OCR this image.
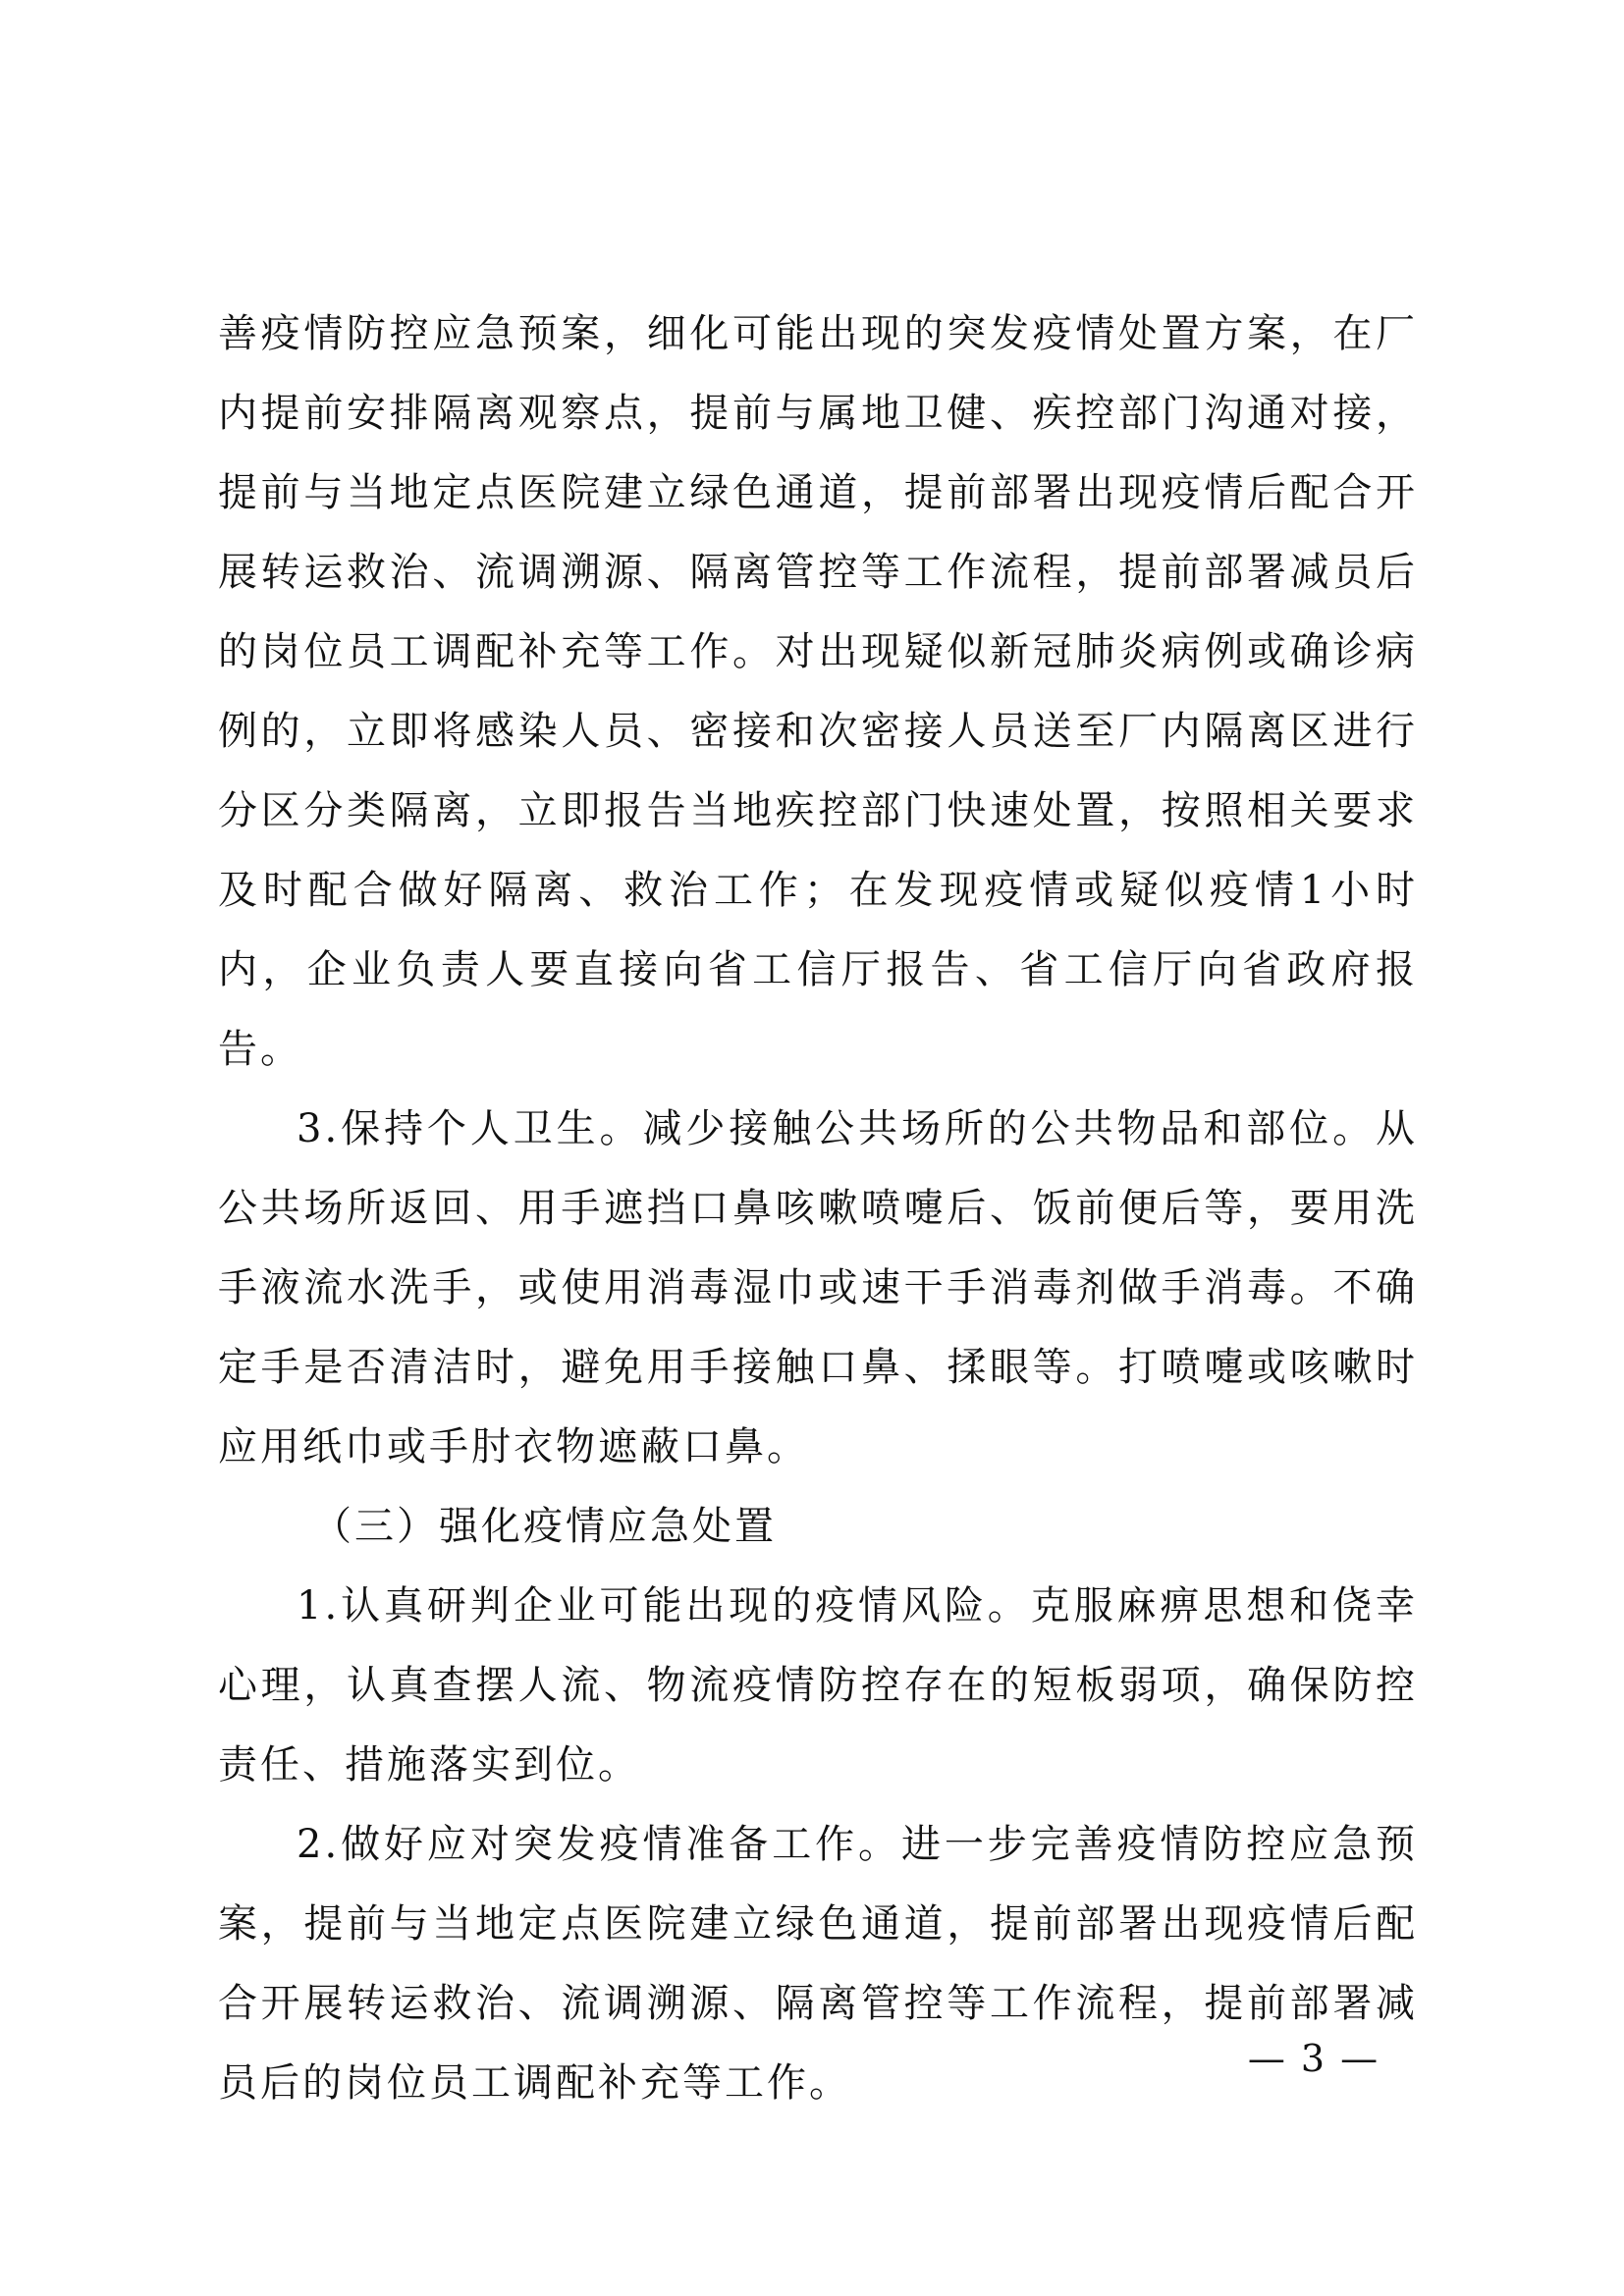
善疫情防控应急预案，细化可能出现的突发疫情处置方案，在厂内提前安排隔离观察点，提前与属地卫健、疾控部门沟通对接，提前与当地定点医院建立绿色通道，提前部署出现疫情后配合开展转运救治、流调溯源、隔离管控等工作流程，提前部署减员后的岗位员工调配补充等工作。对出现疑似新冠肺炎病例或确诊病例的，立即将感染人员、密接和次密接人员送至厂内隔离区进行分区分类隔离，立即报告当地疾控部门快速处置，按照相关要求及时配合做好隔离、救治工作；在发现疫情或疑似疫情1小时内，企业负责人要直接向省工信厅报告、省工信厅向省政府报告。

3.保持个人卫生。减少接触公共场所的公共物品和部位。从公共场所返回、用手遮挡口鼻咳嗽喷嚏后、饭前便后等，要用洗手液流水洗手，或使用消毒湿巾或速干手消毒剂做手消毒。不确定手是否清洁时，避免用手接触口鼻、揉眼等。打喷嚏或咳嗽时应用纸巾或手肘衣物遮蔽口鼻。

（三）强化疫情应急处置

1.认真研判企业可能出现的疫情风险。克服麻痹思想和侥幸心理，认真查摆人流、物流疫情防控存在的短板弱项，确保防控责任、措施落实到位。

2.做好应对突发疫情准备工作。进一步完善疫情防控应急预案，提前与当地定点医院建立绿色通道，提前部署出现疫情后配合开展转运救治、流调溯源、隔离管控等工作流程，提前部署减员后的岗位员工调配补充等工作。

— 3 —
